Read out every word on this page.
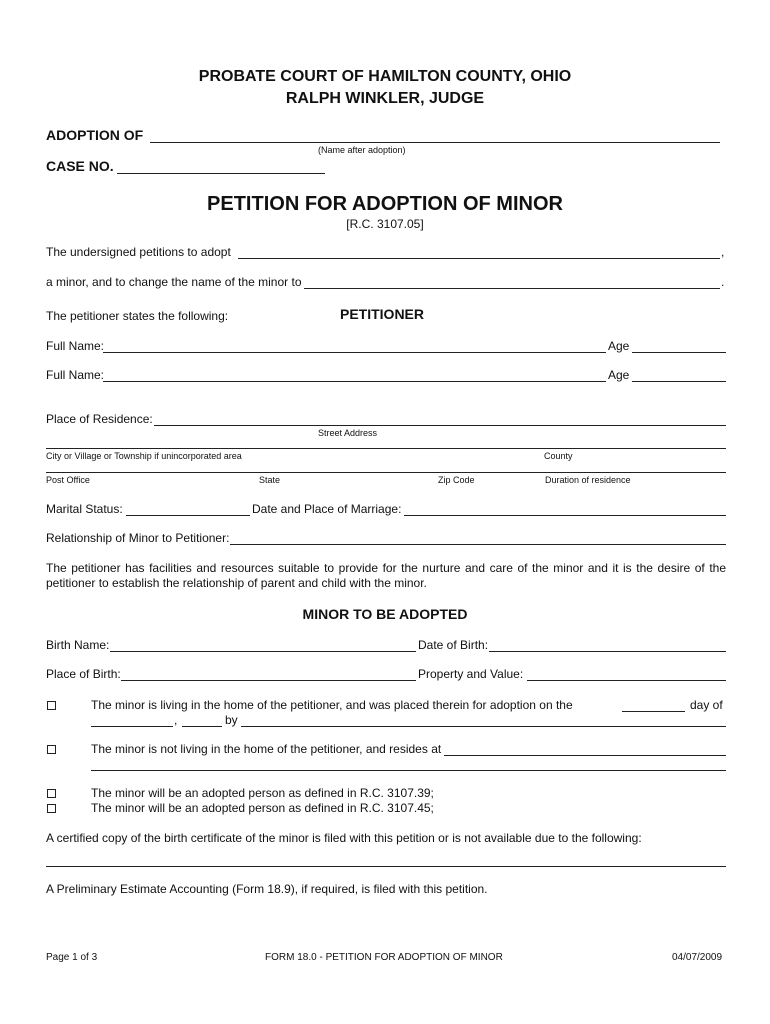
PROBATE COURT OF HAMILTON COUNTY, OHIO
RALPH WINKLER, JUDGE
ADOPTION OF
(Name after adoption)
CASE NO.
PETITION FOR ADOPTION OF MINOR
[R.C. 3107.05]
The undersigned petitions to adopt	,
a minor, and to change the name of the minor to	.
The petitioner states the following:	PETITIONER
Full Name:	Age
Full Name:	Age
Place of Residence:
Street Address
City or Village or Township if unincorporated area	County
Post Office	State	Zip Code	Duration of residence
Marital Status:	Date and Place of Marriage:
Relationship of Minor to Petitioner:
The petitioner has facilities and resources suitable to provide for the nurture and care of the minor and it is the desire of the petitioner to establish the relationship of parent and child with the minor.
MINOR TO BE ADOPTED
Birth Name:	Date of Birth:
Place of Birth:	Property and Value:
The minor is living in the home of the petitioner, and was placed therein for adoption on the	day of
,	by
The minor is not living in the home of the petitioner, and resides at
The minor will be an adopted person as defined in R.C. 3107.39;
The minor will be an adopted person as defined in R.C. 3107.45;
A certified copy of the birth certificate of the minor is filed with this petition or is not available due to the following:
A Preliminary Estimate Accounting (Form 18.9), if required, is filed with this petition.
Page 1 of 3	FORM 18.0 - PETITION FOR ADOPTION OF MINOR	04/07/2009
